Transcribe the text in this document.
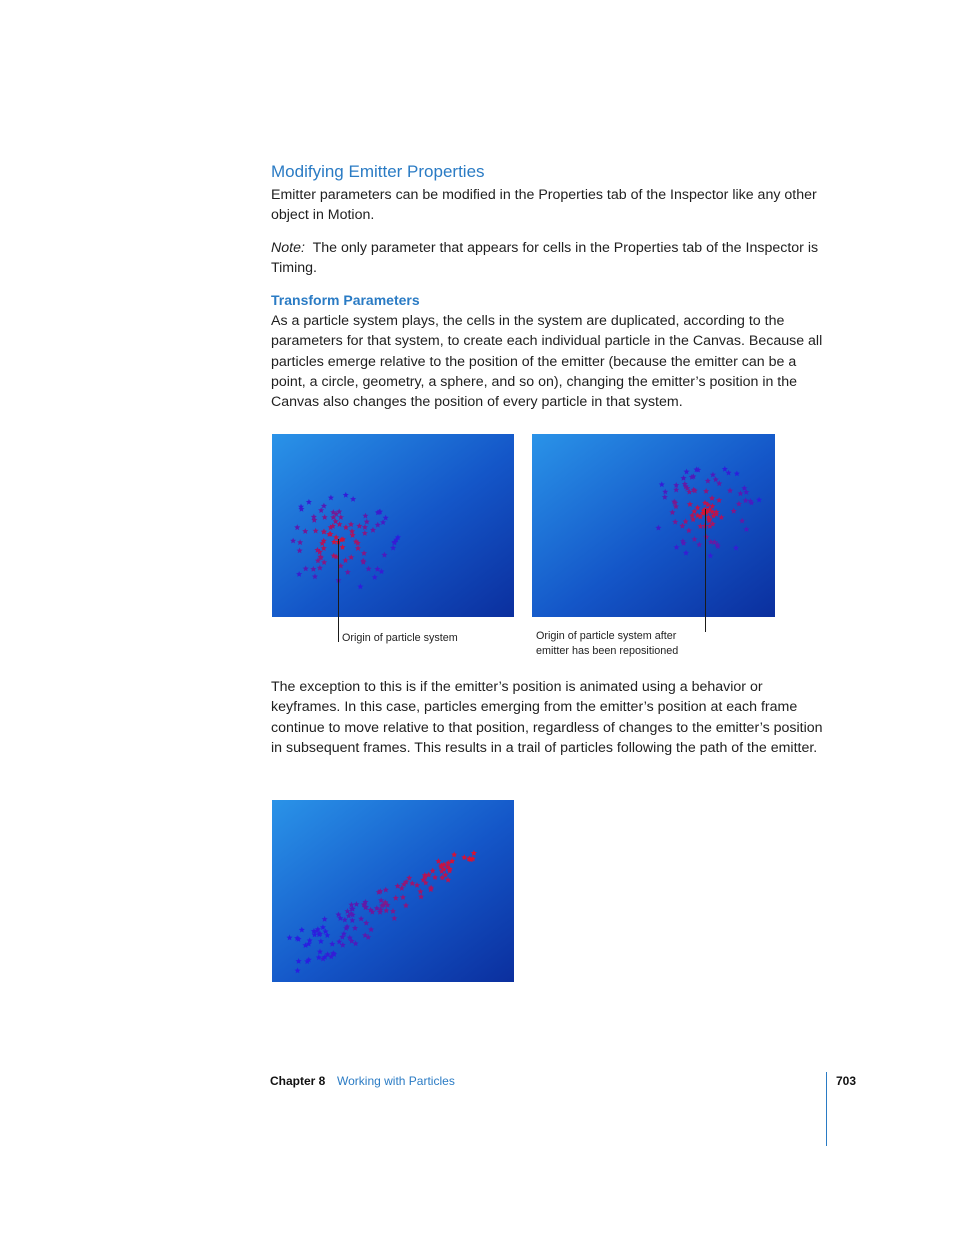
Modifying Emitter Properties
Emitter parameters can be modified in the Properties tab of the Inspector like any other object in Motion.
Note: The only parameter that appears for cells in the Properties tab of the Inspector is Timing.
Transform Parameters
As a particle system plays, the cells in the system are duplicated, according to the parameters for that system, to create each individual particle in the Canvas. Because all particles emerge relative to the position of the emitter (because the emitter can be a point, a circle, geometry, a sphere, and so on), changing the emitter’s position in the Canvas also changes the position of every particle in that system.
Origin of particle system	Origin of particle system after emitter has been repositioned
The exception to this is if the emitter’s position is animated using a behavior or keyframes. In this case, particles emerging from the emitter’s position at each frame continue to move relative to that position, regardless of changes to the emitter’s position in subsequent frames. This results in a trail of particles following the path of the emitter.
Chapter 8 Working with Particles	703
